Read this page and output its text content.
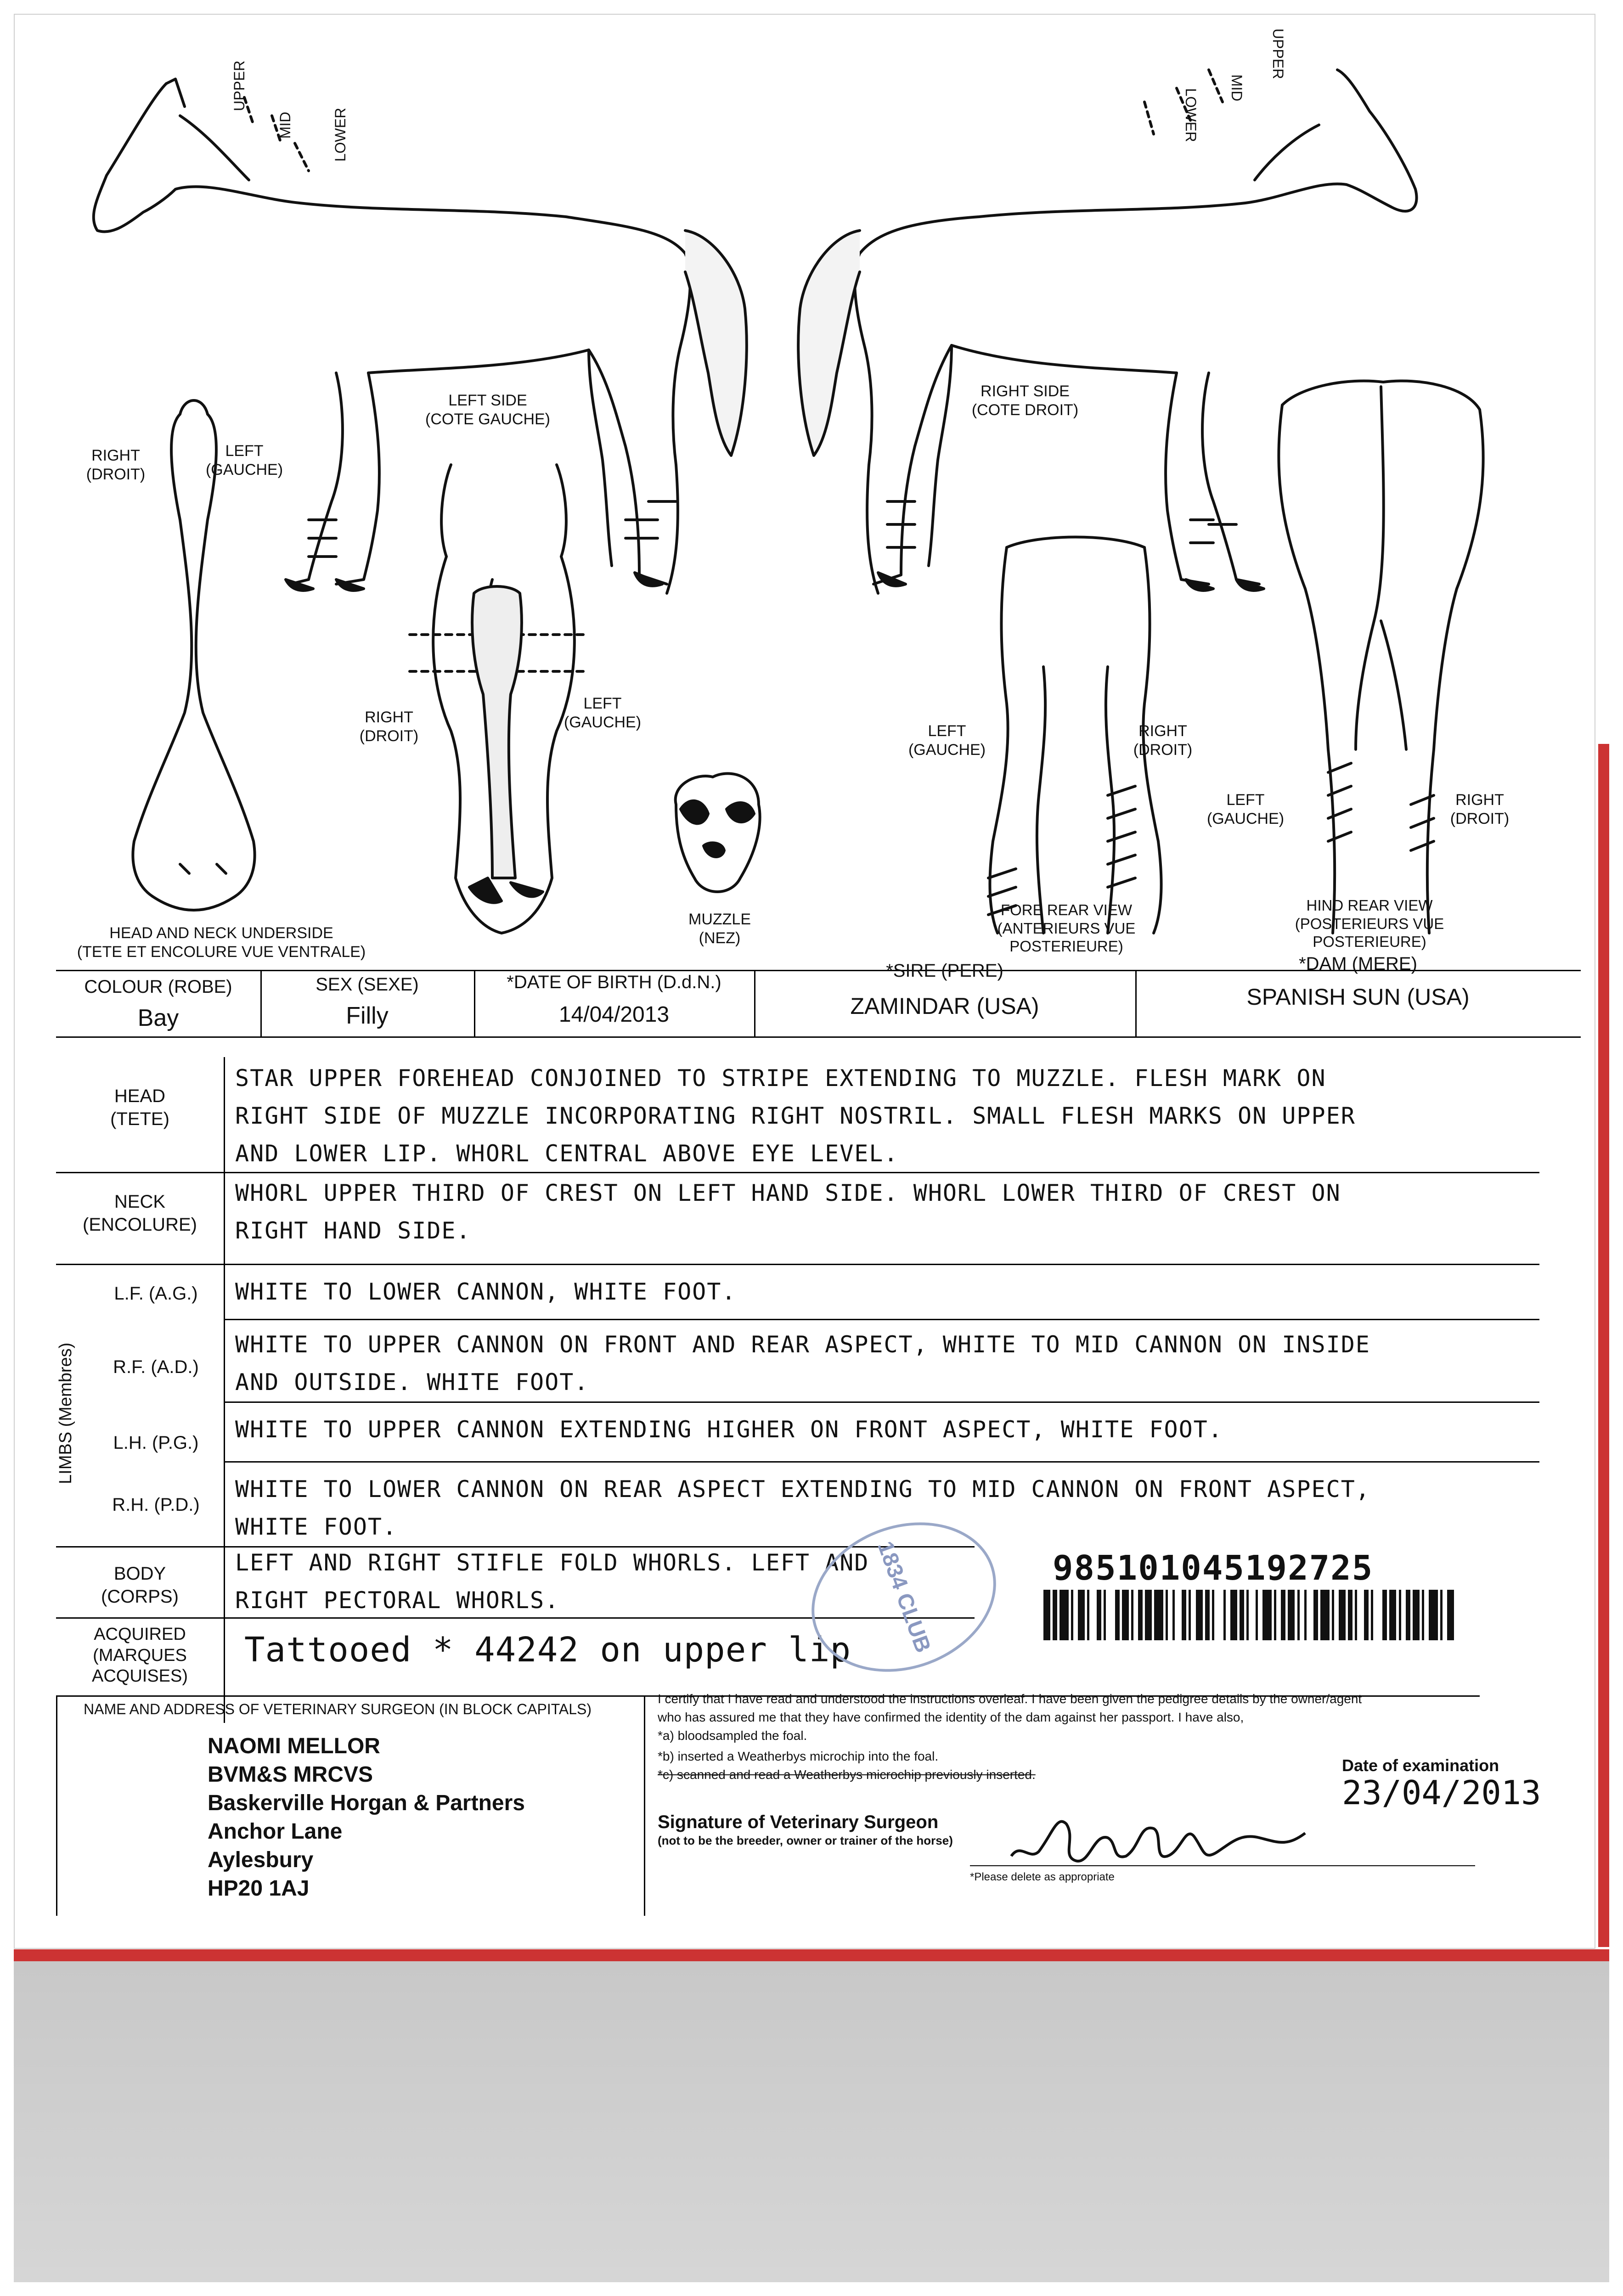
LEFT SIDE
(COTE GAUCHE)
RIGHT SIDE
(COTE DROIT)
RIGHT
(DROIT)
LEFT
(GAUCHE)
HEAD AND NECK UNDERSIDE
(TETE ET ENCOLURE VUE VENTRALE)
RIGHT
(DROIT)
LEFT
(GAUCHE)
MUZZLE
(NEZ)
LEFT
(GAUCHE)
RIGHT
(DROIT)
FORE REAR VIEW
(ANTERIEURS VUE
POSTERIEURE)
LEFT
(GAUCHE)
RIGHT
(DROIT)
HIND REAR VIEW
(POSTERIEURS VUE
POSTERIEURE)
UPPER
MID	LOWER
UPPER
MID
LOWER
COLOUR (ROBE)
Bay
SEX (SEXE)
Filly
*DATE OF BIRTH (D.d.N.)
14/04/2013
*SIRE (PERE)
ZAMINDAR (USA)
*DAM (MERE)
SPANISH SUN (USA)
HEAD
(TETE)
NECK
(ENCOLURE)
LIMBS (Membres)
L.F. (A.G.)
R.F. (A.D.)
L.H. (P.G.)
R.H. (P.D.)
BODY
(CORPS)
ACQUIRED
(MARQUES
ACQUISES)
STAR UPPER FOREHEAD CONJOINED TO STRIPE EXTENDING TO MUZZLE. FLESH MARK ON
RIGHT SIDE OF MUZZLE INCORPORATING RIGHT NOSTRIL. SMALL FLESH MARKS ON UPPER
AND LOWER LIP. WHORL CENTRAL ABOVE EYE LEVEL.
WHORL UPPER THIRD OF CREST ON LEFT HAND SIDE. WHORL LOWER THIRD OF CREST ON
RIGHT HAND SIDE.
WHITE TO LOWER CANNON, WHITE FOOT.
WHITE TO UPPER CANNON ON FRONT AND REAR ASPECT, WHITE TO MID CANNON ON INSIDE
AND OUTSIDE. WHITE FOOT.
WHITE TO UPPER CANNON EXTENDING HIGHER ON FRONT ASPECT, WHITE FOOT.
WHITE TO LOWER CANNON ON REAR ASPECT EXTENDING TO MID CANNON ON FRONT ASPECT,
WHITE FOOT.
LEFT AND RIGHT STIFLE FOLD WHORLS. LEFT AND
RIGHT PECTORAL WHORLS.
Tattooed * 44242 on upper lip 1834 CLUB	985101045192725
NAME AND ADDRESS OF VETERINARY SURGEON (IN BLOCK CAPITALS)
NAOMI MELLOR
BVM&S MRCVS
Baskerville Horgan & Partners
Anchor Lane
Aylesbury
HP20 1AJ
I certify that I have read and understood the instructions overleaf. I have been given the pedigree details by the owner/agent
who has assured me that they have confirmed the identity of the dam against her passport. I have also,
*a) bloodsampled the foal.
*b) inserted a Weatherbys microchip into the foal.
*c) scanned and read a Weatherbys microchip previously inserted.
Signature of Veterinary Surgeon
(not to be the breeder, owner or trainer of the horse)
*Please delete as appropriate
Date of examination
23/04/2013
